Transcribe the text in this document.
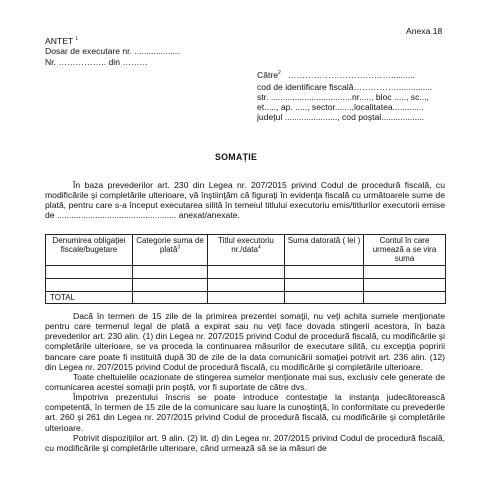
Anexa 18
ANTET $^1$
Dosar de executare nr. ...................
Nr. …………….. din ………
Către$^2$ ………………………………..........
cod de identificare fiscală……………...............
str. ..................................nr....., bloc ....., sc...,
et....., ap. ....., sector.......,localitatea.............
județul ......................, cod poștal..................
SOMAȚIE

În baza prevederilor art. 230 din Legea nr. 207/2015 privind Codul de procedură fiscală, cu modificările şi completările ulterioare, vă înştiinţăm că figuraţi în evidenţa fiscală cu următoarele sume de plată, pentru care s-a început executarea silită în temeiul titlului executoriu emis/titlurilor executorii emise de .................................................. anexat/anexate.

Denumirea obligaţiei fiscale/bugetare	Categorie suma de plată$^3$	Titlul executoriu nr./data$^4$	Suma datorată ( lei )	Contul în care urmează a se vira suma

TOTAL				

Dacă în termen de 15 zile de la primirea prezentei somaţii, nu veţi achita sumele menţionate pentru care termenul legal de plată a expirat sau nu veţi face dovada stingerii acestora, în baza prevederilor art. 230 alin. (1) din Legea nr. 207/2015 privind Codul de procedură fiscală, cu modificările şi completările ulterioare, se va proceda la continuarea măsurilor de executare silită, cu excepţia popririi bancare care poate fi instituită după 30 de zile de la data comunicării somaţiei potrivit art. 236 alin. (12) din Legea nr. 207/2015 privind Codul de procedură fiscală, cu modificările şi completările ulterioare.

Toate cheltuielile ocazionate de stingerea sumelor menţionate mai sus, exclusiv cele generate de comunicarea acestei somaţii prin poştă, vor fi suportate de către dvs.

Împotriva prezentului înscris se poate introduce contestaţie la instanţa judecătorească competentă, în termen de 15 zile de la comunicare sau luare la cunoştinţă, în conformitate cu prevederile art. 260 şi 261 din Legea nr. 207/2015 privind Codul de procedură fiscală, cu modificările şi completările ulterioare.

Potrivit dispoziţiilor art. 9 alin. (2) lit. d) din Legea nr. 207/2015 privind Codul de procedură fiscală, cu modificările şi completările ulterioare, când urmează să se ia măsuri de
